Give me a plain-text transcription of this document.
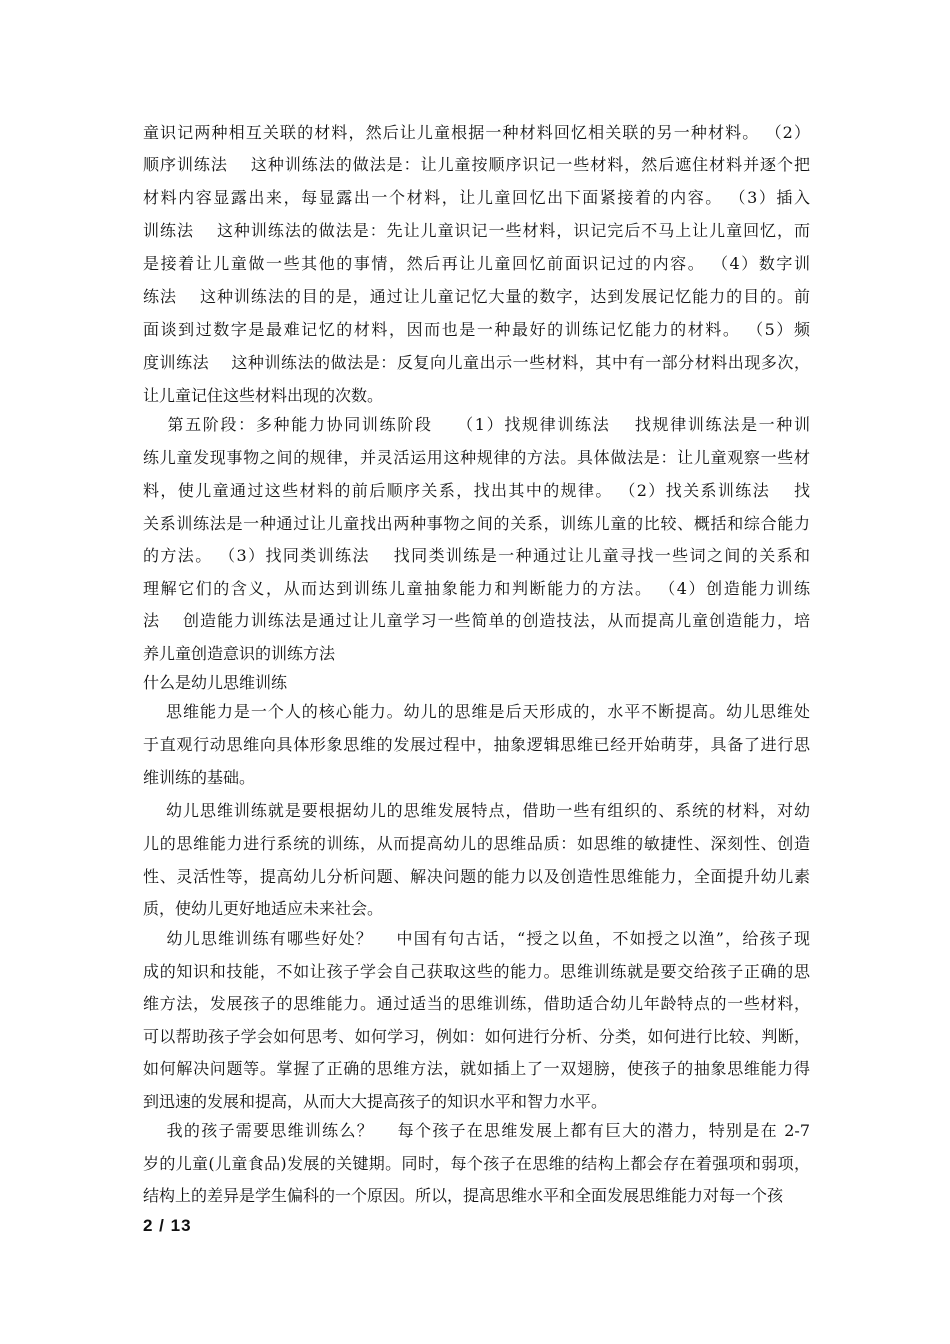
童识记两种相互关联的材料，然后让儿童根据一种材料回忆相关联的另一种材料。 （2）
顺序训练法　 这种训练法的做法是：让儿童按顺序识记一些材料，然后遮住材料并逐个把
材料内容显露出来，每显露出一个材料，让儿童回忆出下面紧接着的内容。 （3）插入
训练法　 这种训练法的做法是：先让儿童识记一些材料，识记完后不马上让儿童回忆，而
是接着让儿童做一些其他的事情，然后再让儿童回忆前面识记过的内容。 （4）数字训
练法　 这种训练法的目的是，通过让儿童记忆大量的数字，达到发展记忆能力的目的。前
面谈到过数字是最难记忆的材料，因而也是一种最好的训练记忆能力的材料。 （5）频
度训练法　 这种训练法的做法是：反复向儿童出示一些材料，其中有一部分材料出现多次，
让儿童记住这些材料出现的次数。
　 第五阶段：多种能力协同训练阶段　 （1）找规律训练法　 找规律训练法是一种训
练儿童发现事物之间的规律，并灵活运用这种规律的方法。具体做法是：让儿童观察一些材
料，使儿童通过这些材料的前后顺序关系，找出其中的规律。 （2）找关系训练法　 找
关系训练法是一种通过让儿童找出两种事物之间的关系，训练儿童的比较、概括和综合能力
的方法。 （3）找同类训练法　 找同类训练是一种通过让儿童寻找一些词之间的关系和
理解它们的含义，从而达到训练儿童抽象能力和判断能力的方法。 （4）创造能力训练
法　 创造能力训练法是通过让儿童学习一些简单的创造技法，从而提高儿童创造能力，培
养儿童创造意识的训练方法
什么是幼儿思维训练
　 思维能力是一个人的核心能力。幼儿的思维是后天形成的，水平不断提高。幼儿思维处
于直观行动思维向具体形象思维的发展过程中，抽象逻辑思维已经开始萌芽，具备了进行思
维训练的基础。
　 幼儿思维训练就是要根据幼儿的思维发展特点，借助一些有组织的、系统的材料，对幼
儿的思维能力进行系统的训练，从而提高幼儿的思维品质：如思维的敏捷性、深刻性、创造
性、灵活性等，提高幼儿分析问题、解决问题的能力以及创造性思维能力，全面提升幼儿素
质，使幼儿更好地适应未来社会。
　 幼儿思维训练有哪些好处？　 中国有句古话，“授之以鱼，不如授之以渔”，给孩子现
成的知识和技能，不如让孩子学会自己获取这些的能力。思维训练就是要交给孩子正确的思
维方法，发展孩子的思维能力。通过适当的思维训练，借助适合幼儿年龄特点的一些材料，
可以帮助孩子学会如何思考、如何学习，例如：如何进行分析、分类，如何进行比较、判断，
如何解决问题等。掌握了正确的思维方法，就如插上了一双翅膀，使孩子的抽象思维能力得
到迅速的发展和提高，从而大大提高孩子的知识水平和智力水平。
　 我的孩子需要思维训练么？　 每个孩子在思维发展上都有巨大的潜力，特别是在 2-7
岁的儿童(儿童食品)发展的关键期。同时，每个孩子在思维的结构上都会存在着强项和弱项，
结构上的差异是学生偏科的一个原因。所以，提高思维水平和全面发展思维能力对每一个孩
2 / 13
